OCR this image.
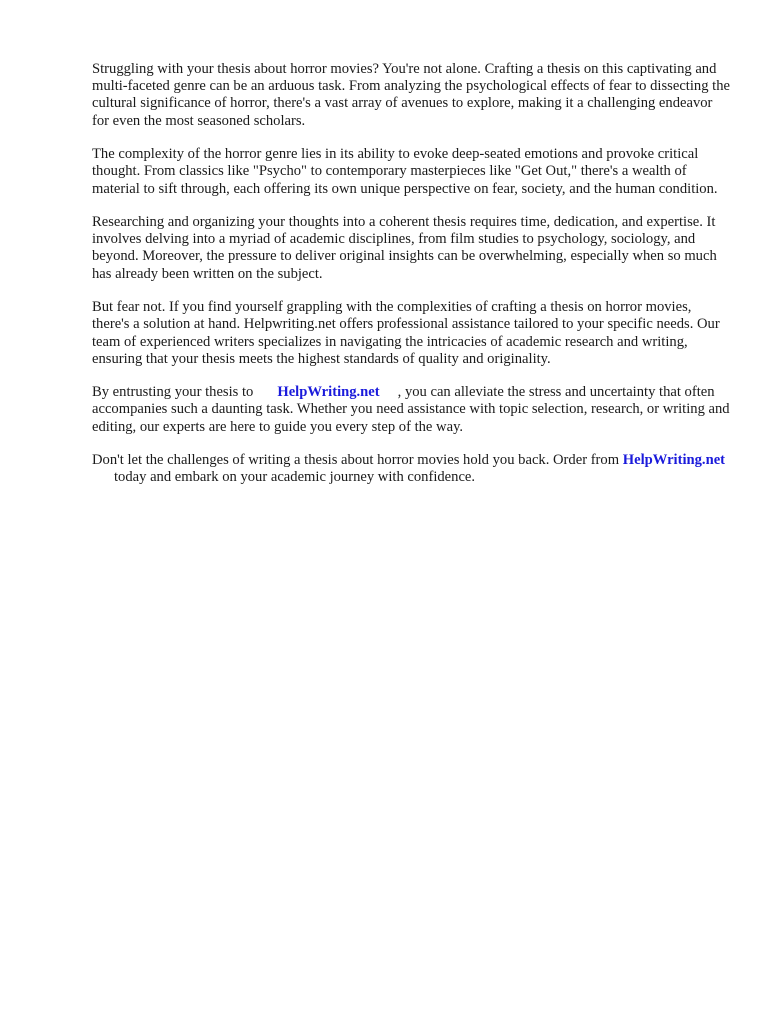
Struggling with your thesis about horror movies? You're not alone. Crafting a thesis on this captivating and multi-faceted genre can be an arduous task. From analyzing the psychological effects of fear to dissecting the cultural significance of horror, there's a vast array of avenues to explore, making it a challenging endeavor for even the most seasoned scholars.

The complexity of the horror genre lies in its ability to evoke deep-seated emotions and provoke critical thought. From classics like "Psycho" to contemporary masterpieces like "Get Out," there's a wealth of material to sift through, each offering its own unique perspective on fear, society, and the human condition.

Researching and organizing your thoughts into a coherent thesis requires time, dedication, and expertise. It involves delving into a myriad of academic disciplines, from film studies to psychology, sociology, and beyond. Moreover, the pressure to deliver original insights can be overwhelming, especially when so much has already been written on the subject.

But fear not. If you find yourself grappling with the complexities of crafting a thesis on horror movies, there's a solution at hand. Helpwriting.net offers professional assistance tailored to your specific needs. Our team of experienced writers specializes in navigating the intricacies of academic research and writing, ensuring that your thesis meets the highest standards of quality and originality.

By entrusting your thesis to HelpWriting.net , you can alleviate the stress and uncertainty that often accompanies such a daunting task. Whether you need assistance with topic selection, research, or writing and editing, our experts are here to guide you every step of the way.

Don't let the challenges of writing a thesis about horror movies hold you back. Order from HelpWriting.nettoday and embark on your academic journey with confidence.
